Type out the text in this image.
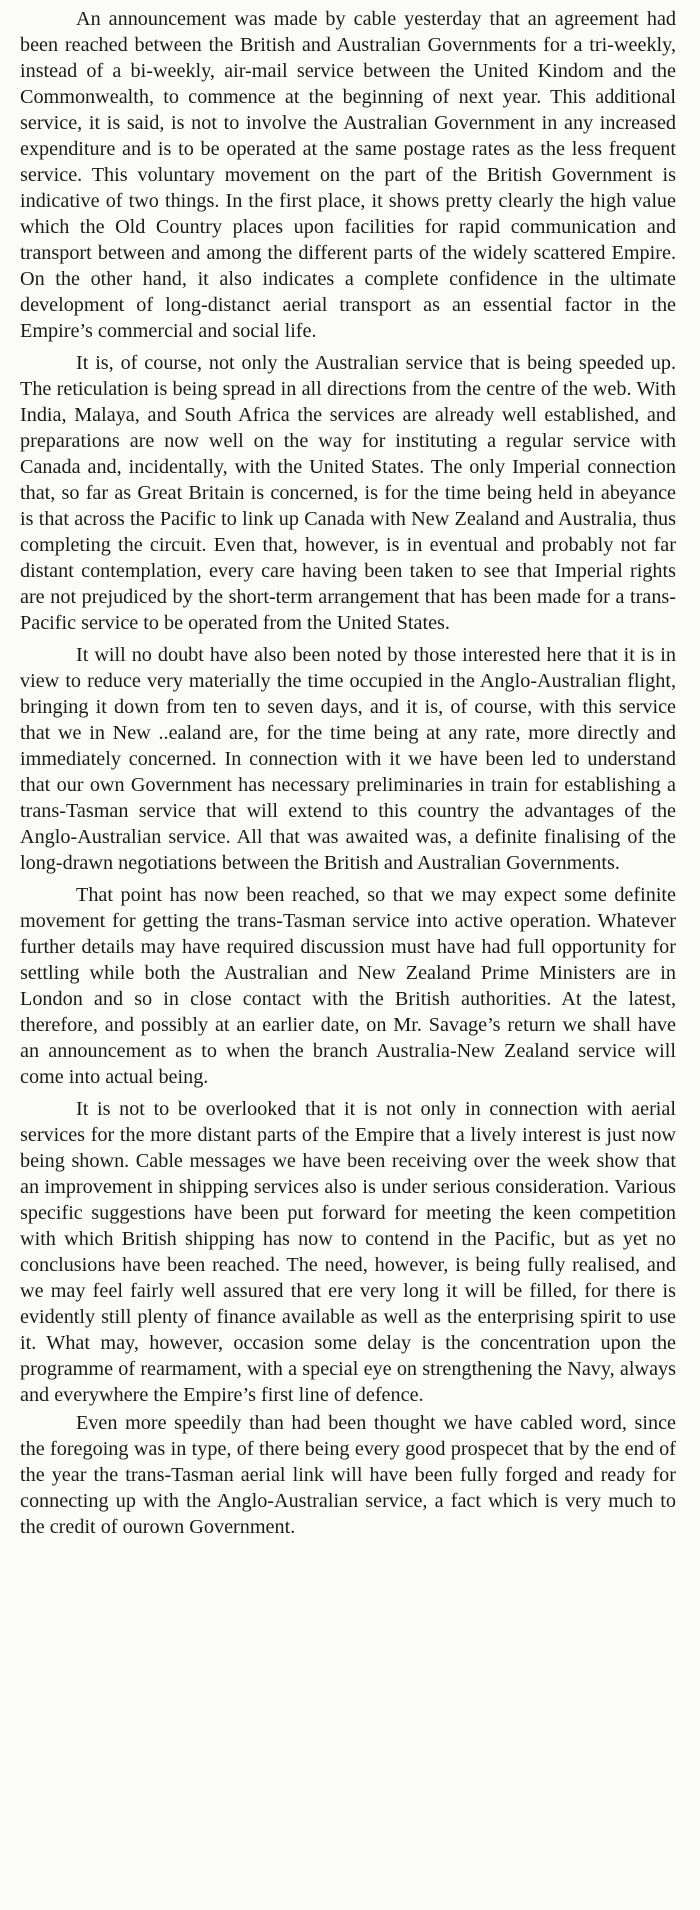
An announcement was made by cable yesterday that an agreement had been reached between the British and Australian Governments for a tri-weekly, instead of a bi-weekly, air-mail service between the United Kindom and the Commonwealth, to commence at the beginning of next year. This additional service, it is said, is not to involve the Australian Government in any increased expenditure and is to be operated at the same postage rates as the less frequent service. This voluntary movement on the part of the British Government is indicative of two things. In the first place, it shows pretty clearly the high value which the Old Country places upon facilities for rapid communication and transport between and among the different parts of the widely scattered Empire. On the other hand, it also indicates a complete confidence in the ultimate development of long-distanct aerial transport as an essential factor in the Empire’s commercial and social life.

It is, of course, not only the Australian service that is being speeded up. The reticulation is being spread in all directions from the centre of the web. With India, Malaya, and South Africa the services are already well established, and preparations are now well on the way for instituting a regular service with Canada and, incidentally, with the United States. The only Imperial connection that, so far as Great Britain is concerned, is for the time being held in abeyance is that across the Pacific to link up Canada with New Zealand and Australia, thus completing the circuit. Even that, however, is in eventual and probably not far distant contemplation, every care having been taken to see that Imperial rights are not prejudiced by the short-term arrangement that has been made for a trans-Pacific service to be operated from the United States.

It will no doubt have also been noted by those interested here that it is in view to reduce very materially the time occupied in the Anglo-Australian flight, bringing it down from ten to seven days, and it is, of course, with this service that we in New ..ealand are, for the time being at any rate, more directly and immediately concerned. In connection with it we have been led to understand that our own Government has necessary preliminaries in train for establishing a trans-Tasman service that will extend to this country the advantages of the Anglo-Australian service. All that was awaited was, a definite finalising of the long-drawn negotiations between the British and Australian Governments.

That point has now been reached, so that we may expect some definite movement for getting the trans-Tasman service into active operation. Whatever further details may have required discussion must have had full opportunity for settling while both the Australian and New Zealand Prime Ministers are in London and so in close contact with the British authorities. At the latest, therefore, and possibly at an earlier date, on Mr. Savage’s return we shall have an announcement as to when the branch Australia-New Zealand service will come into actual being.

It is not to be overlooked that it is not only in connection with aerial services for the more distant parts of the Empire that a lively interest is just now being shown. Cable messages we have been receiving over the week show that an improvement in shipping services also is under serious consideration. Various specific suggestions have been put forward for meeting the keen competition with which British shipping has now to contend in the Pacific, but as yet no conclusions have been reached. The need, however, is being fully realised, and we may feel fairly well assured that ere very long it will be filled, for there is evidently still plenty of finance available as well as the enterprising spirit to use it. What may, however, occasion some delay is the concentration upon the programme of rearmament, with a special eye on strengthening the Navy, always and everywhere the Empire’s first line of defence.

Even more speedily than had been thought we have cabled word, since the foregoing was in type, of there being every good prospecet that by the end of the year the trans-Tasman aerial link will have been fully forged and ready for connecting up with the Anglo-Australian service, a fact which is very much to the credit of ourown Government.
